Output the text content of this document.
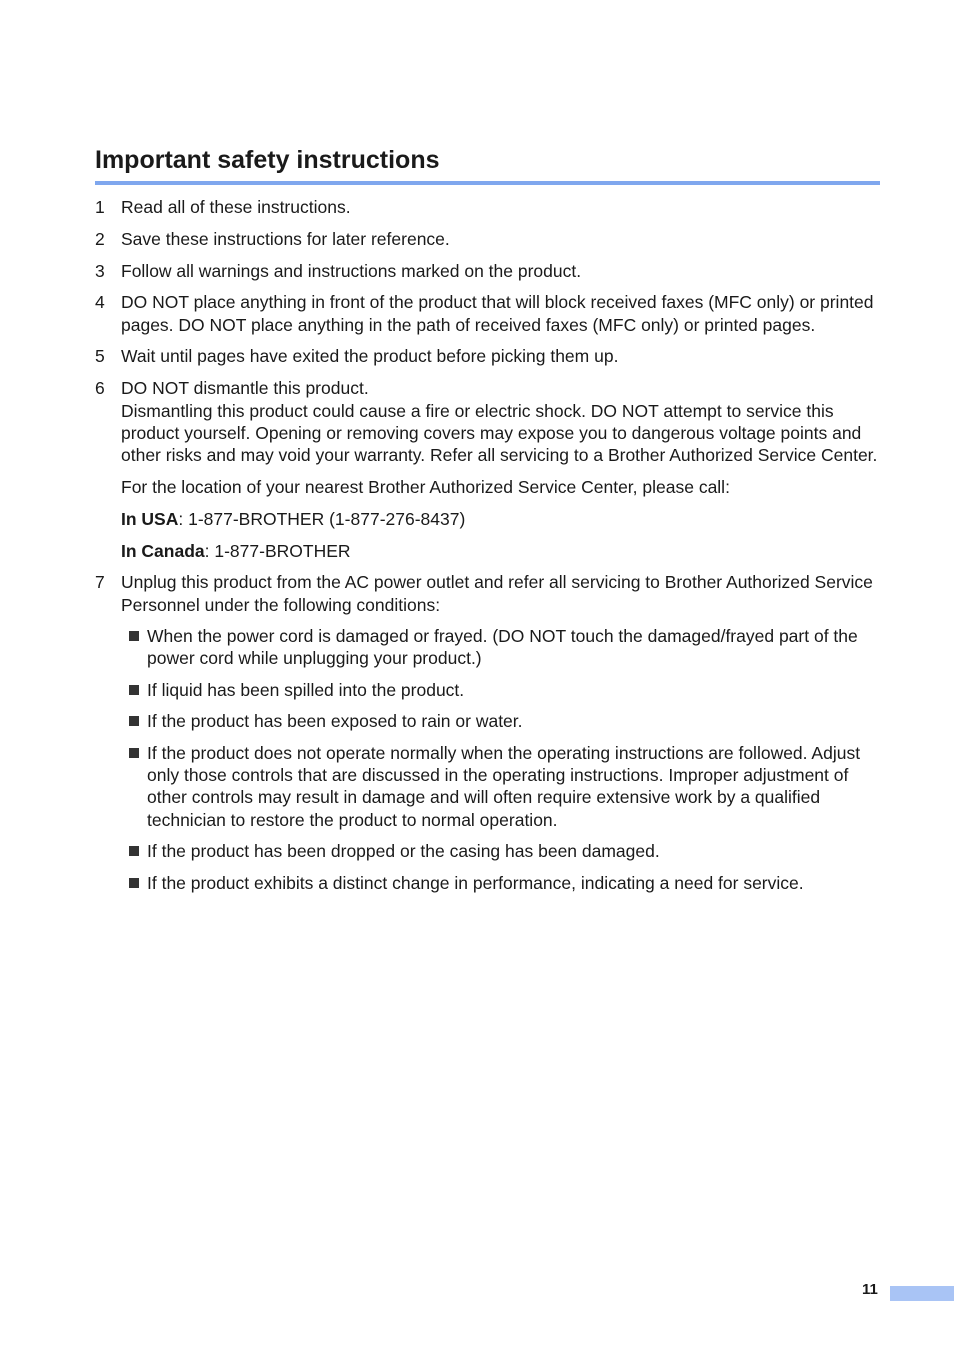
Important safety instructions
1 Read all of these instructions.
2 Save these instructions for later reference.
3 Follow all warnings and instructions marked on the product.
4 DO NOT place anything in front of the product that will block received faxes (MFC only) or printed pages. DO NOT place anything in the path of received faxes (MFC only) or printed pages.
5 Wait until pages have exited the product before picking them up.
6 DO NOT dismantle this product.
Dismantling this product could cause a fire or electric shock. DO NOT attempt to service this product yourself. Opening or removing covers may expose you to dangerous voltage points and other risks and may void your warranty. Refer all servicing to a Brother Authorized Service Center.
For the location of your nearest Brother Authorized Service Center, please call:
In USA: 1-877-BROTHER (1-877-276-8437)
In Canada: 1-877-BROTHER
7 Unplug this product from the AC power outlet and refer all servicing to Brother Authorized Service Personnel under the following conditions:
When the power cord is damaged or frayed. (DO NOT touch the damaged/frayed part of the power cord while unplugging your product.)
If liquid has been spilled into the product.
If the product has been exposed to rain or water.
If the product does not operate normally when the operating instructions are followed. Adjust only those controls that are discussed in the operating instructions. Improper adjustment of other controls may result in damage and will often require extensive work by a qualified technician to restore the product to normal operation.
If the product has been dropped or the casing has been damaged.
If the product exhibits a distinct change in performance, indicating a need for service.
11
